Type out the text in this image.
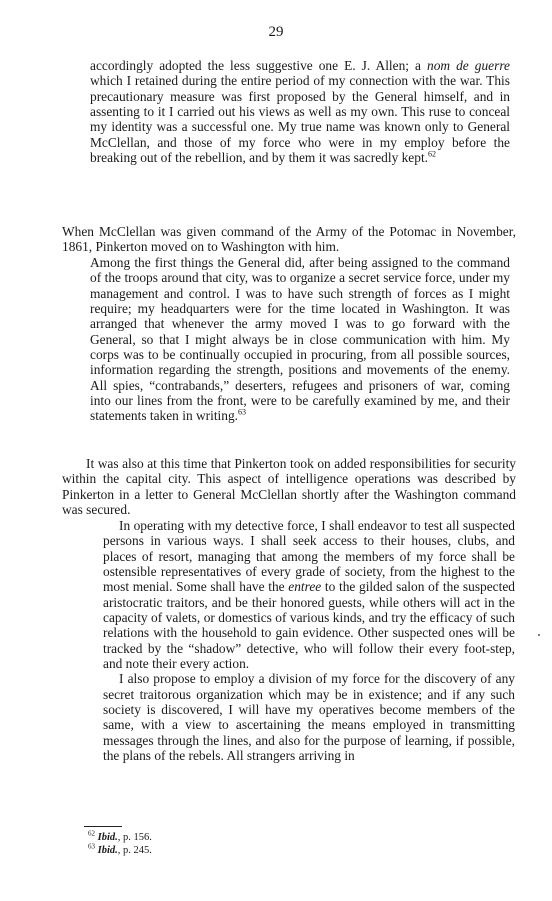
29

accordingly adopted the less suggestive one E. J. Allen; a nom de guerre which I retained during the entire period of my connection with the war. This precautionary measure was first proposed by the General himself, and in assenting to it I carried out his views as well as my own. This ruse to conceal my identity was a successful one. My true name was known only to General McClellan, and those of my force who were in my employ before the breaking out of the rebellion, and by them it was sacredly kept.$^{62}$

When McClellan was given command of the Army of the Potomac in November, 1861, Pinkerton moved on to Washington with him.

Among the first things the General did, after being assigned to the command of the troops around that city, was to organize a secret service force, under my management and control. I was to have such strength of forces as I might require; my headquarters were for the time located in Washington. It was arranged that whenever the army moved I was to go forward with the General, so that I might always be in close communication with him. My corps was to be continually occupied in procuring, from all possible sources, information regarding the strength, positions and movements of the enemy. All spies, “contrabands,” deserters, refugees and prisoners of war, coming into our lines from the front, were to be carefully examined by me, and their statements taken in writing.$^{63}$

It was also at this time that Pinkerton took on added responsibilities for security within the capital city. This aspect of intelligence operations was described by Pinkerton in a letter to General McClellan shortly after the Washington command was secured.

In operating with my detective force, I shall endeavor to test all suspected persons in various ways. I shall seek access to their houses, clubs, and places of resort, managing that among the members of my force shall be ostensible representatives of every grade of society, from the highest to the most menial. Some shall have the entree to the gilded salon of the suspected aristocratic traitors, and be their honored guests, while others will act in the capacity of valets, or domestics of various kinds, and try the efficacy of such relations with the household to gain evidence. Other suspected ones will be tracked by the “shadow” detective, who will follow their every foot-step, and note their every action.

I also propose to employ a division of my force for the discovery of any secret traitorous organization which may be in existence; and if any such society is discovered, I will have my operatives become members of the same, with a view to ascertaining the means employed in transmitting messages through the lines, and also for the purpose of learning, if possible, the plans of the rebels. All strangers arriving in

$^{62}$ Ibid., p. 156.
$^{63}$ Ibid., p. 245.
